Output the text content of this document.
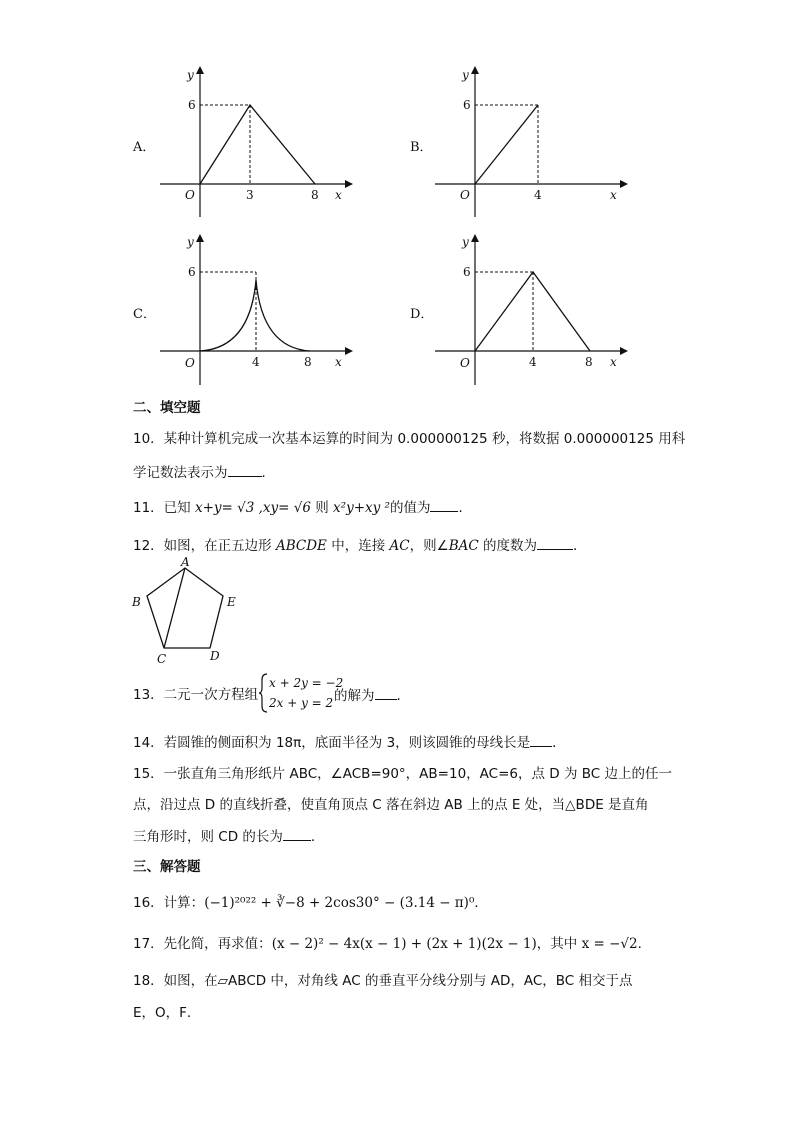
A．
y
6
O	3	8 x
B．
y
6
O	4	x
C．
y
6
O	4	8 x
D．
y
6
O	4	8 x
二、填空题
10．某种计算机完成一次基本运算的时间为 0.000000125 秒，将数据 0.000000125 用科
学记数法表示为	．
11．已知 x+y= √3 ,xy= √6 则 x²y+xy ²的值为 ．
12．如图，在正五边形 ABCDE 中，连接 AC，则∠BAC 的度数为	．
A
B
C	D
E
13．二元一次方程组
x + 2y = −2
2x + y = 2 的解为 ．
14．若圆锥的侧面积为 18π，底面半径为 3，则该圆锥的母线长是 ．
15．一张直角三角形纸片 ABC，∠ACB=90°，AB=10，AC=6，点 D 为 BC 边上的任一
点，沿过点 D 的直线折叠，使直角顶点 C 落在斜边 AB 上的点 E 处，当△BDE 是直角
三角形时，则 CD 的长为 ．
三、解答题
16．计算：(−1)²⁰²² + ∛−8 + 2cos30° − (3.14 − π)⁰．
17．先化简，再求值：(x − 2)² − 4x(x − 1) + (2x + 1)(2x − 1)，其中 x = −√2．
18．如图，在▱ABCD 中，对角线 AC 的垂直平分线分别与 AD，AC，BC 相交于点
E，O，F．
